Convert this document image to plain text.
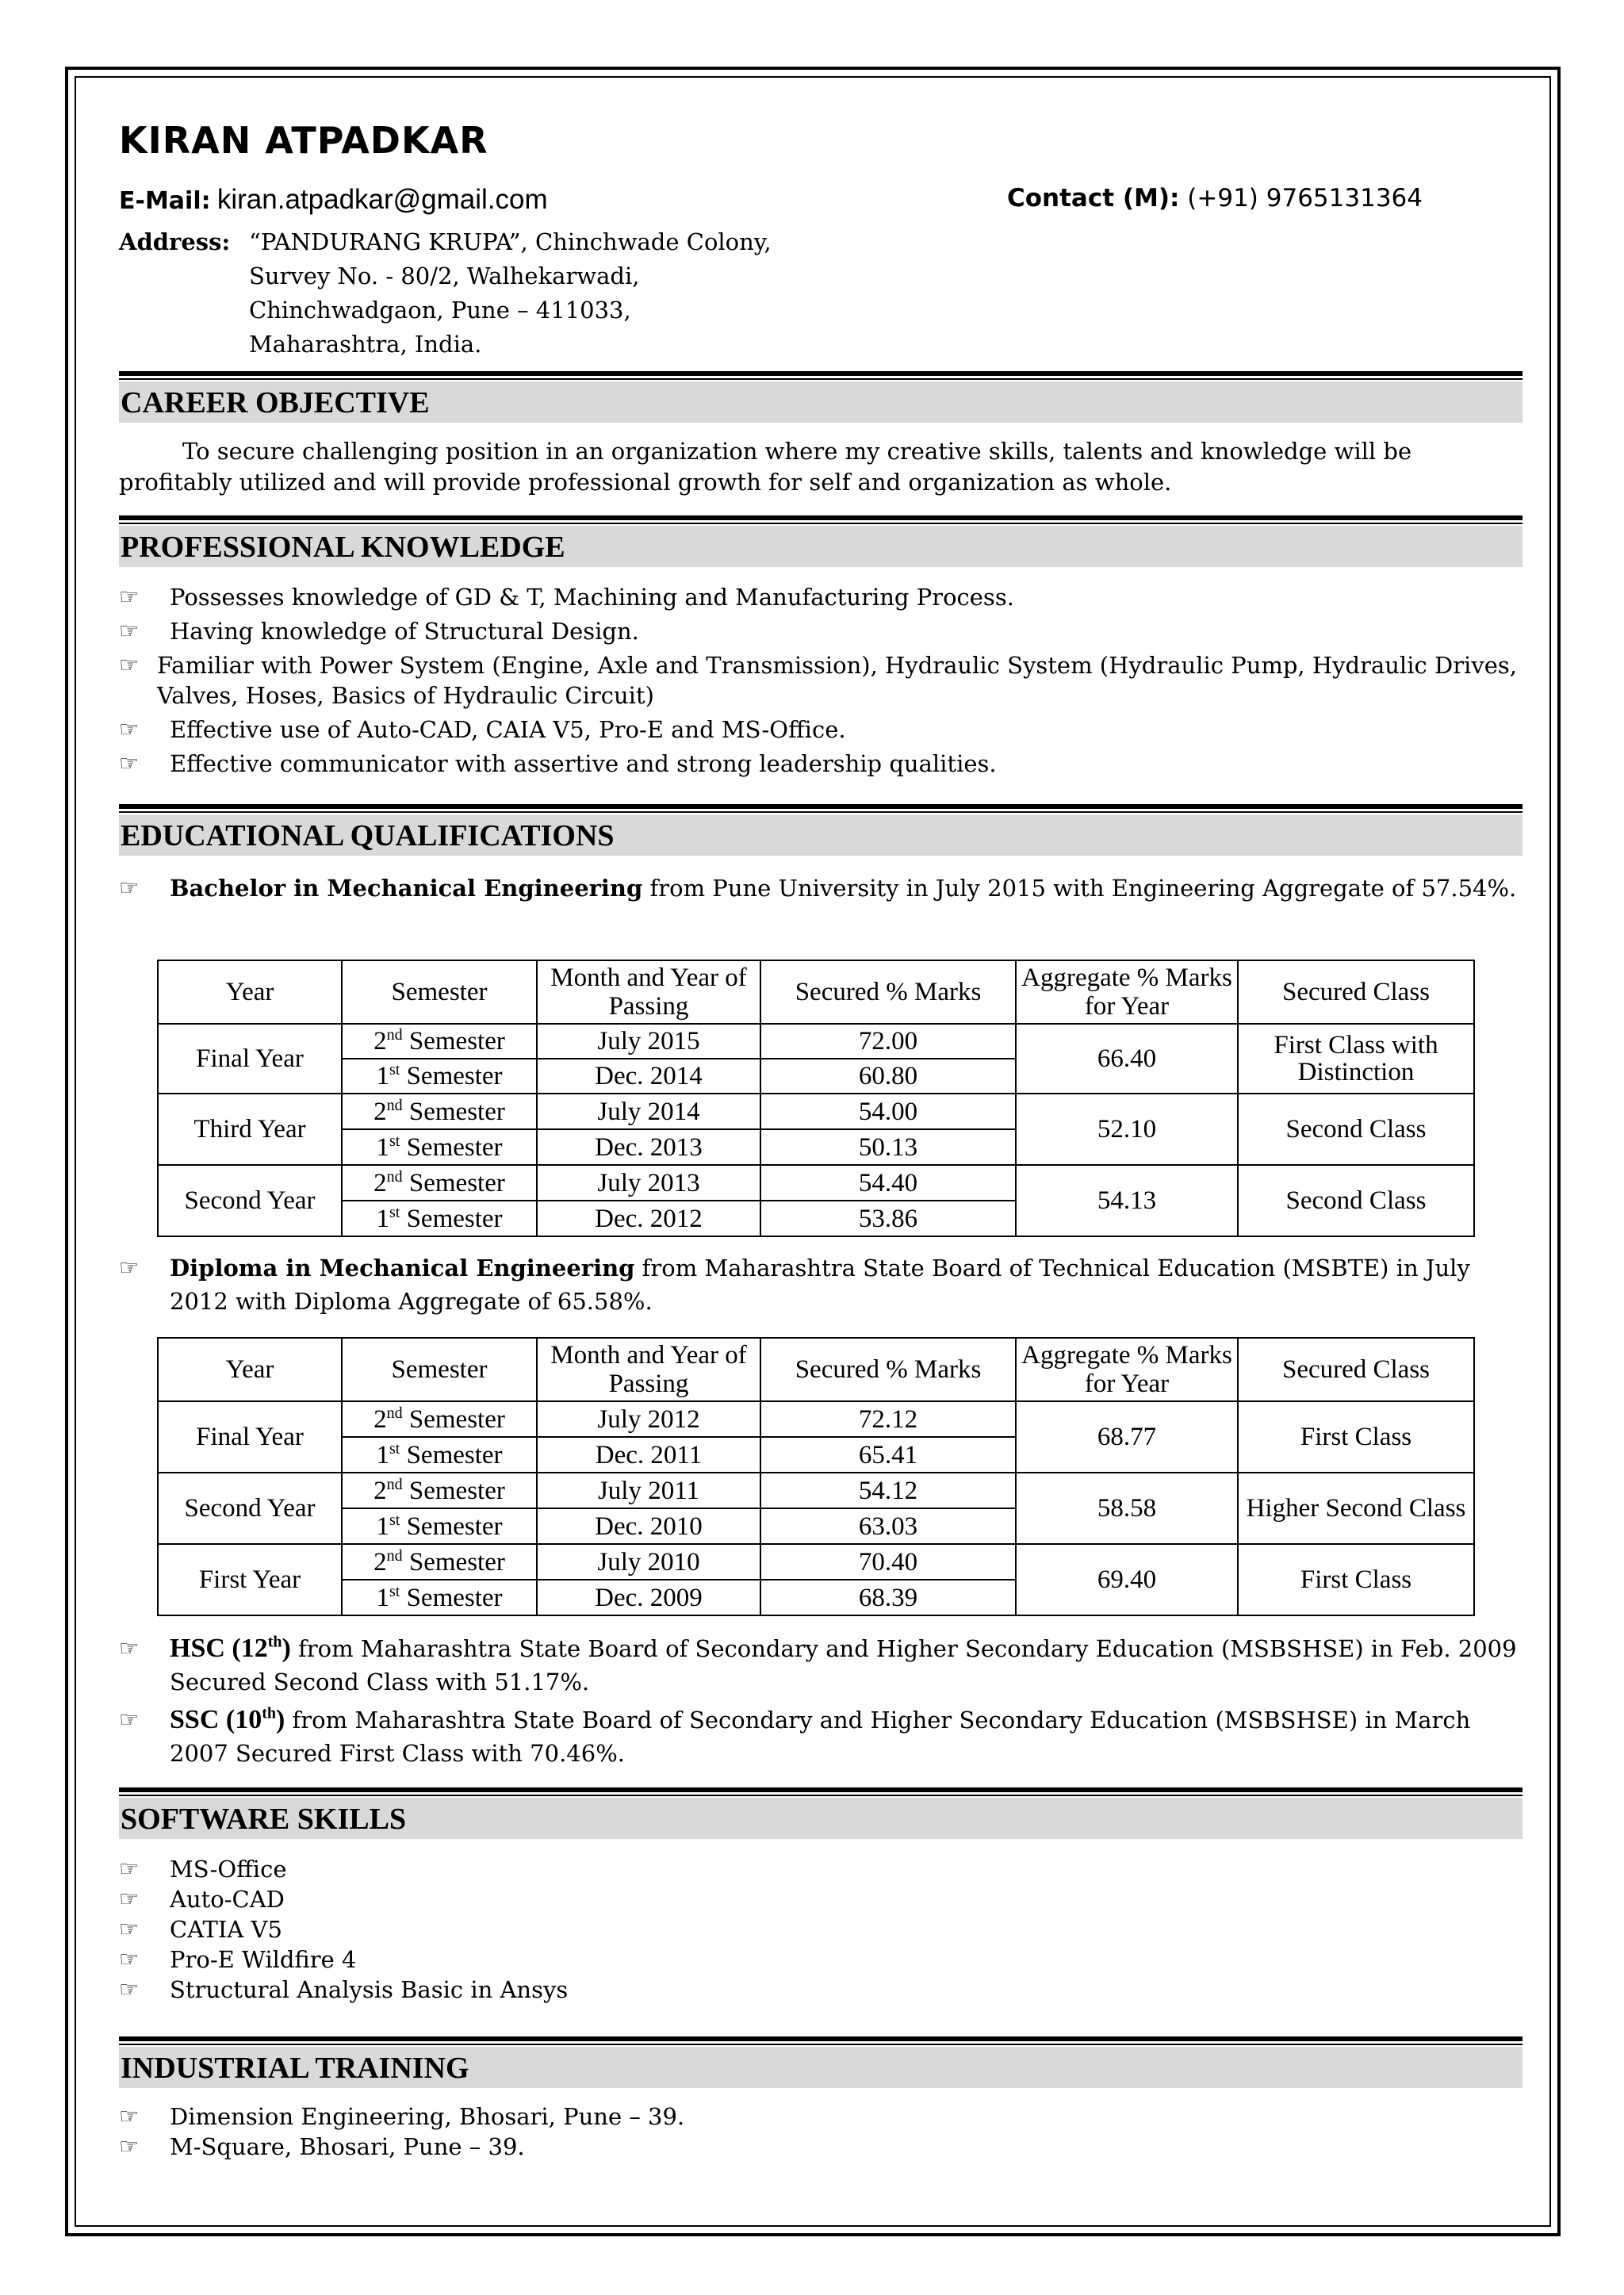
KIRAN ATPADKAR
E-Mail: kiran.atpadkar@gmail.com	Contact (M): (+91) 9765131364
Address: “PANDURANG KRUPA”, Chinchwade Colony,
Survey No. - 80/2, Walhekarwadi,
Chinchwadgaon, Pune – 411033,
Maharashtra, India.
CAREER OBJECTIVE
To secure challenging position in an organization where my creative skills, talents and knowledge will be profitably utilized and will provide professional growth for self and organization as whole.
PROFESSIONAL KNOWLEDGE
☞ Possesses knowledge of GD & T, Machining and Manufacturing Process.
☞ Having knowledge of Structural Design.
☞ Familiar with Power System (Engine, Axle and Transmission), Hydraulic System (Hydraulic Pump, Hydraulic Drives, Valves, Hoses, Basics of Hydraulic Circuit)
☞ Effective use of Auto-CAD, CAIA V5, Pro-E and MS-Office.
☞ Effective communicator with assertive and strong leadership qualities.
EDUCATIONAL QUALIFICATIONS
☞ Bachelor in Mechanical Engineering from Pune University in July 2015 with Engineering Aggregate of 57.54%.
Year	Semester	Month and Year of Passing	Secured % Marks	Aggregate % Marks for Year	Secured Class
Final Year	2nd Semester	July 2015	72.00	66.40	First Class with Distinction
	1st Semester	Dec. 2014	60.80		
Third Year	2nd Semester	July 2014	54.00	52.10	Second Class
	1st Semester	Dec. 2013	50.13		
Second Year	2nd Semester	July 2013	54.40	54.13	Second Class
	1st Semester	Dec. 2012	53.86		
☞ Diploma in Mechanical Engineering from Maharashtra State Board of Technical Education (MSBTE) in July 2012 with Diploma Aggregate of 65.58%.
Year	Semester	Month and Year of Passing	Secured % Marks	Aggregate % Marks for Year	Secured Class
Final Year	2nd Semester	July 2012	72.12	68.77	First Class
	1st Semester	Dec. 2011	65.41		
Second Year	2nd Semester	July 2011	54.12	58.58	Higher Second Class
	1st Semester	Dec. 2010	63.03		
First Year	2nd Semester	July 2010	70.40	69.40	First Class
	1st Semester	Dec. 2009	68.39		
☞ HSC (12th) from Maharashtra State Board of Secondary and Higher Secondary Education (MSBSHSE) in Feb. 2009 Secured Second Class with 51.17%.
☞ SSC (10th) from Maharashtra State Board of Secondary and Higher Secondary Education (MSBSHSE) in March 2007 Secured First Class with 70.46%.
SOFTWARE SKILLS
☞ MS-Office
☞ Auto-CAD
☞ CATIA V5
☞ Pro-E Wildfire 4
☞ Structural Analysis Basic in Ansys
INDUSTRIAL TRAINING
☞ Dimension Engineering, Bhosari, Pune – 39.
☞ M-Square, Bhosari, Pune – 39.
